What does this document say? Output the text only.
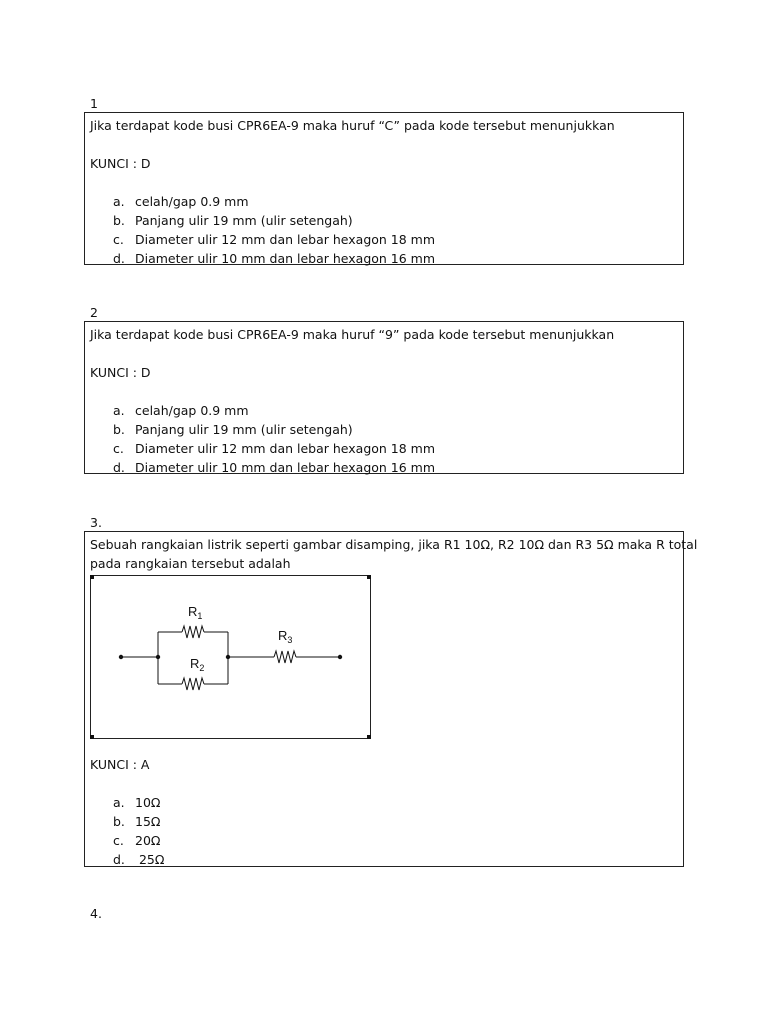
1
Jika terdapat kode busi CPR6EA-9 maka huruf “C” pada kode tersebut menunjukkan
KUNCI : D
a. celah/gap 0.9 mm
b. Panjang ulir 19 mm (ulir setengah)
c. Diameter ulir 12 mm dan lebar hexagon 18 mm
d. Diameter ulir 10 mm dan lebar hexagon 16 mm
2
Jika terdapat kode busi CPR6EA-9 maka huruf “9” pada kode tersebut menunjukkan
KUNCI : D
a. celah/gap 0.9 mm
b. Panjang ulir 19 mm (ulir setengah)
c. Diameter ulir 12 mm dan lebar hexagon 18 mm
d. Diameter ulir 10 mm dan lebar hexagon 16 mm
3.
Sebuah rangkaian listrik seperti gambar disamping, jika R1 10Ω, R2 10Ω dan R3 5Ω maka R total
pada rangkaian tersebut adalah
$R_1$
$R_2$
$R_3$
KUNCI : A
a. 10Ω
b. 15Ω
c. 20Ω
d. 25Ω
4.
